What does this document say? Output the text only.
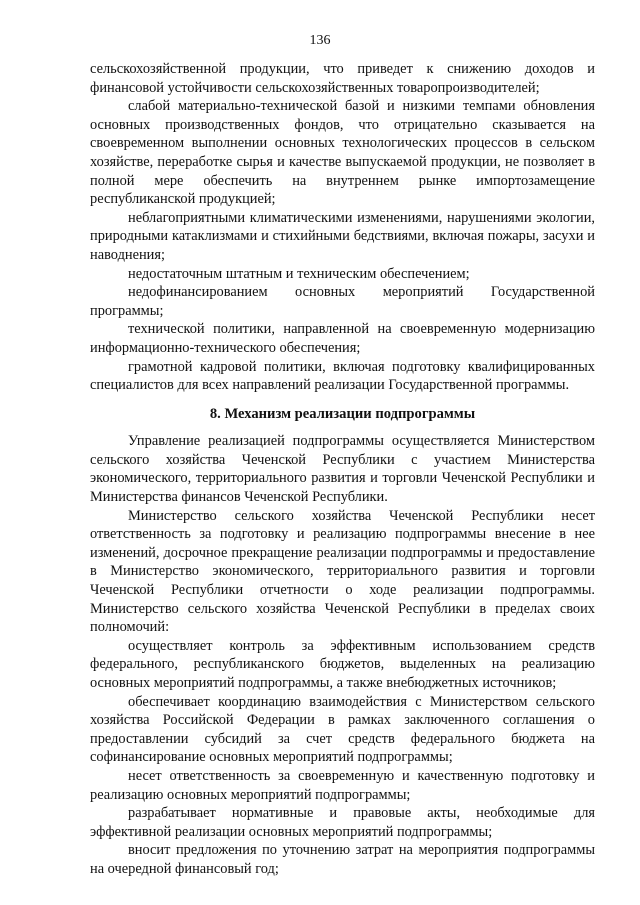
136

сельскохозяйственной продукции, что приведет к снижению доходов и финансовой устойчивости сельскохозяйственных товаропроизводителей;

слабой материально-технической базой и низкими темпами обновления основных производственных фондов, что отрицательно сказывается на своевременном выполнении основных технологических процессов в сельском хозяйстве, переработке сырья и качестве выпускаемой продукции, не позволяет в полной мере обеспечить на внутреннем рынке импортозамещение республиканской продукцией;

неблагоприятными климатическими изменениями, нарушениями экологии, природными катаклизмами и стихийными бедствиями, включая пожары, засухи и наводнения;

недостаточным штатным и техническим обеспечением;

недофинансированием основных мероприятий Государственной программы;

технической политики, направленной на своевременную модернизацию информационно-технического обеспечения;

грамотной кадровой политики, включая подготовку квалифицированных специалистов для всех направлений реализации Государственной программы.

8. Механизм реализации подпрограммы

Управление реализацией подпрограммы осуществляется Министерством сельского хозяйства Чеченской Республики с участием Министерства экономического, территориального развития и торговли Чеченской Республики и Министерства финансов Чеченской Республики.

Министерство сельского хозяйства Чеченской Республики несет ответственность за подготовку и реализацию подпрограммы внесение в нее изменений, досрочное прекращение реализации подпрограммы и предоставление в Министерство экономического, территориального развития и торговли Чеченской Республики отчетности о ходе реализации подпрограммы. Министерство сельского хозяйства Чеченской Республики в пределах своих полномочий:

осуществляет контроль за эффективным использованием средств федерального, республиканского бюджетов, выделенных на реализацию основных мероприятий подпрограммы, а также внебюджетных источников;

обеспечивает координацию взаимодействия с Министерством сельского хозяйства Российской Федерации в рамках заключенного соглашения о предоставлении субсидий за счет средств федерального бюджета на софинансирование основных мероприятий подпрограммы;

несет ответственность за своевременную и качественную подготовку и реализацию основных мероприятий подпрограммы;

разрабатывает нормативные и правовые акты, необходимые для эффективной реализации основных мероприятий подпрограммы;

вносит предложения по уточнению затрат на мероприятия подпрограммы на очередной финансовый год;
